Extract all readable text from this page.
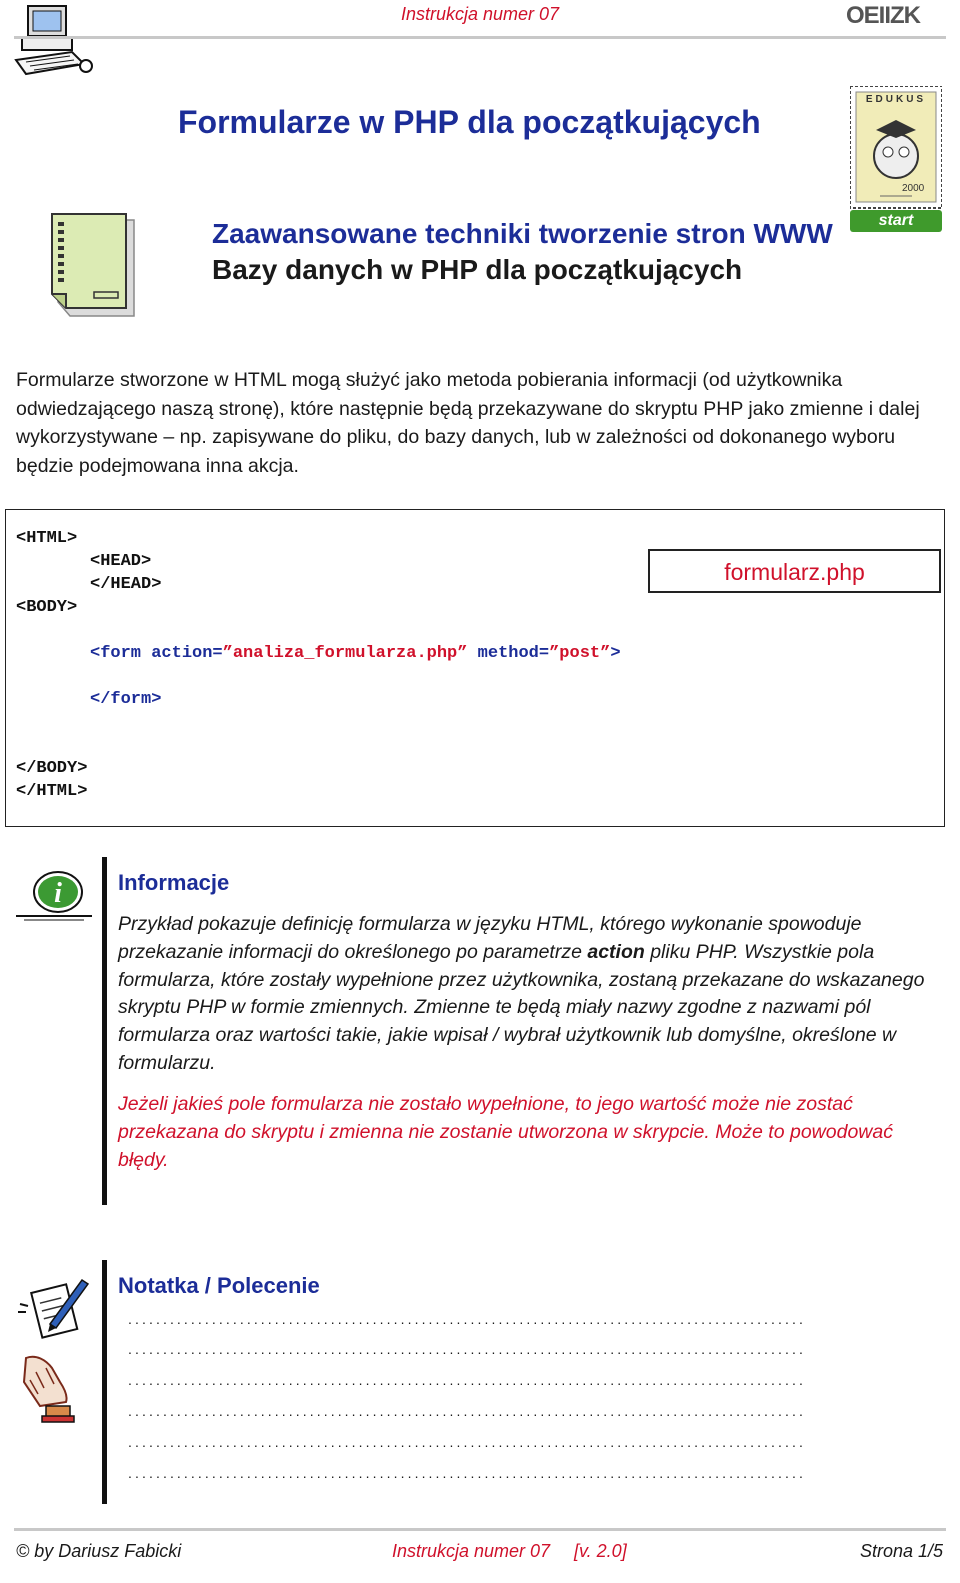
Instrukcja numer 07	OEIIZK
Formularze w PHP dla początkujących
Zaawansowane techniki tworzenie stron WWW
Bazy danych w PHP dla początkujących
EDUKUS
2000
start
Formularze stworzone w HTML mogą służyć jako metoda pobierania informacji (od użytkownika odwiedzającego naszą stronę), które następnie będą przekazywane do skryptu PHP jako zmienne i dalej wykorzystywane – np. zapisywane do pliku, do bazy danych, lub w zależności od dokonanego wyboru będzie podejmowana inna akcja.
<HTML>
<HEAD>
</HEAD>
<BODY>
<form action=”analiza_formularza.php” method=”post”>
</form>
</BODY>
</HTML>
formularz.php
i	Informacje
Przykład pokazuje definicję formularza w języku HTML, którego wykonanie spowoduje przekazanie informacji do określonego po parametrze action pliku PHP. Wszystkie pola formularza, które zostały wypełnione przez użytkownika, zostaną przekazane do wskazanego skryptu PHP w formie zmiennych. Zmienne te będą miały nazwy zgodne z nazwami pól formularza oraz wartości takie, jakie wpisał / wybrał użytkownik lub domyślne, określone w formularzu.
Jeżeli jakieś pole formularza nie zostało wypełnione, to jego wartość może nie zostać przekazana do skryptu i zmienna nie zostanie utworzona w skrypcie. Może to powodować błędy.
Notatka / Polecenie
.................................................................................................
.................................................................................................
.................................................................................................
.................................................................................................
.................................................................................................
.................................................................................................
© by Dariusz Fabicki	Instrukcja numer 07 [v. 2.0]	Strona 1/5
